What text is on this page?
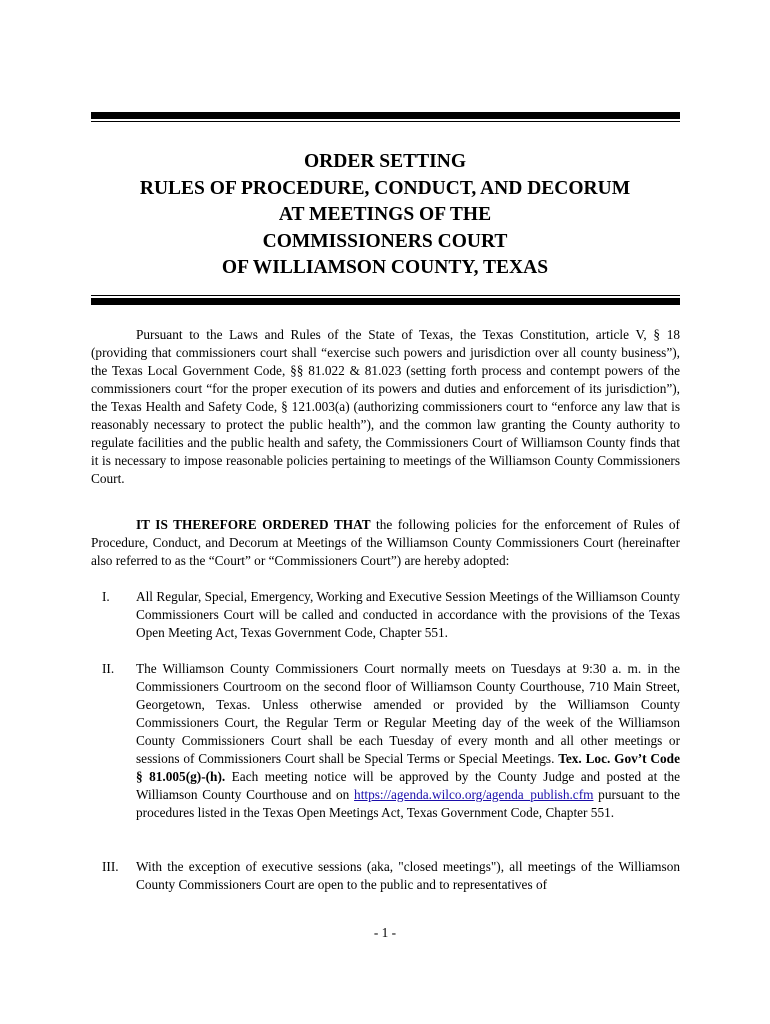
ORDER SETTING
RULES OF PROCEDURE, CONDUCT, AND DECORUM
AT MEETINGS OF THE
COMMISSIONERS COURT
OF WILLIAMSON COUNTY, TEXAS

Pursuant to the Laws and Rules of the State of Texas, the Texas Constitution, article V, § 18 (providing that commissioners court shall “exercise such powers and jurisdiction over all county business”), the Texas Local Government Code, §§ 81.022 & 81.023 (setting forth process and contempt powers of the commissioners court “for the proper execution of its powers and duties and enforcement of its jurisdiction”), the Texas Health and Safety Code, § 121.003(a) (authorizing commissioners court to “enforce any law that is reasonably necessary to protect the public health”), and the common law granting the County authority to regulate facilities and the public health and safety, the Commissioners Court of Williamson County finds that it is necessary to impose reasonable policies pertaining to meetings of the Williamson County Commissioners Court.

IT IS THEREFORE ORDERED THAT the following policies for the enforcement of Rules of Procedure, Conduct, and Decorum at Meetings of the Williamson County Commissioners Court (hereinafter also referred to as the “Court” or “Commissioners Court”) are hereby adopted:

I. All Regular, Special, Emergency, Working and Executive Session Meetings of the Williamson County Commissioners Court will be called and conducted in accordance with the provisions of the Texas Open Meeting Act, Texas Government Code, Chapter 551.
II. The Williamson County Commissioners Court normally meets on Tuesdays at 9:30 a. m. in the Commissioners Courtroom on the second floor of Williamson County Courthouse, 710 Main Street, Georgetown, Texas. Unless otherwise amended or provided by the Williamson County Commissioners Court, the Regular Term or Regular Meeting day of the week of the Williamson County Commissioners Court shall be each Tuesday of every month and all other meetings or sessions of Commissioners Court shall be Special Terms or Special Meetings. Tex. Loc. Gov’t Code § 81.005(g)-(h). Each meeting notice will be approved by the County Judge and posted at the Williamson County Courthouse and on https://agenda.wilco.org/agenda_publish.cfm pursuant to the procedures listed in the Texas Open Meetings Act, Texas Government Code, Chapter 551.
III. With the exception of executive sessions (aka, "closed meetings"), all meetings of the Williamson County Commissioners Court are open to the public and to representatives of
- 1 -
